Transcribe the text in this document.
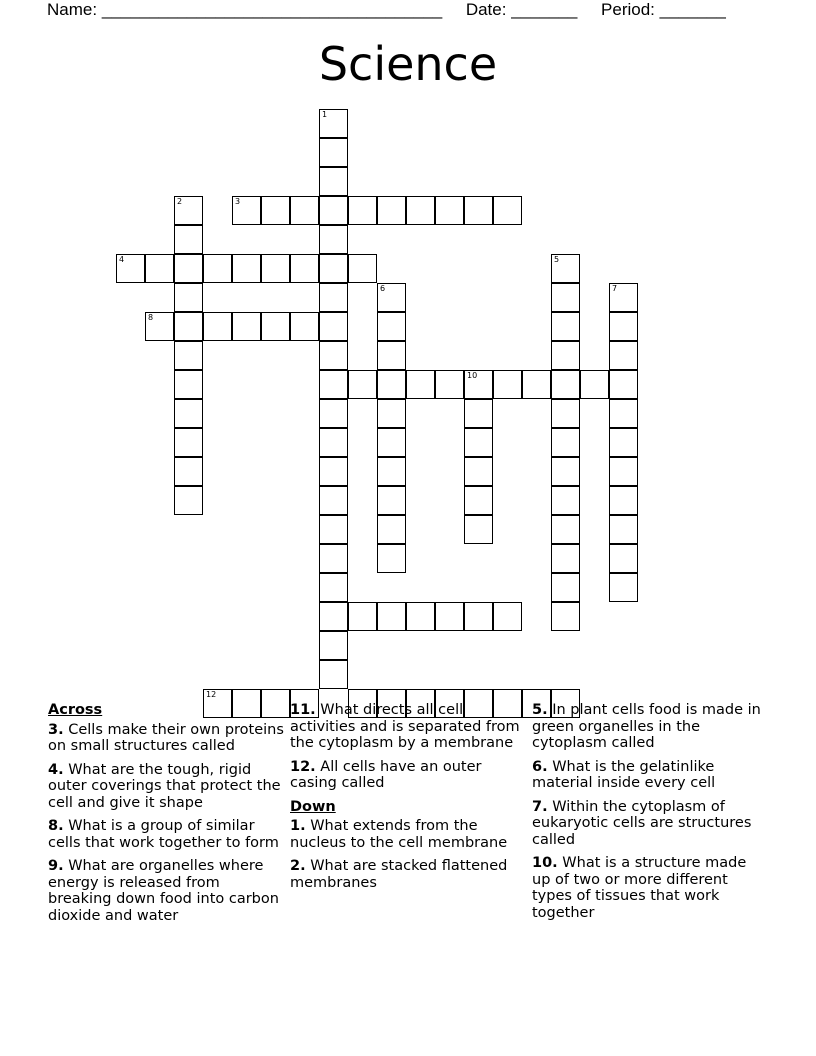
Name: ____________________________________ Date: _______ Period: _______
Science
1
2	3
4
8
6
5
7
10
12
Across
3. Cells make their own proteins on small structures called
4. What are the tough, rigid outer coverings that protect the cell and give it shape
8. What is a group of similar cells that work together to form
9. What are organelles where energy is released from breaking down food into carbon dioxide and water
11. What directs all cell activities and is separated from the cytoplasm by a membrane
12. All cells have an outer casing called
Down
1. What extends from the nucleus to the cell membrane
2. What are stacked flattened membranes
5. In plant cells food is made in green organelles in the cytoplasm called
6. What is the gelatinlike material inside every cell
7. Within the cytoplasm of eukaryotic cells are structures called
10. What is a structure made up of two or more different types of tissues that work together
